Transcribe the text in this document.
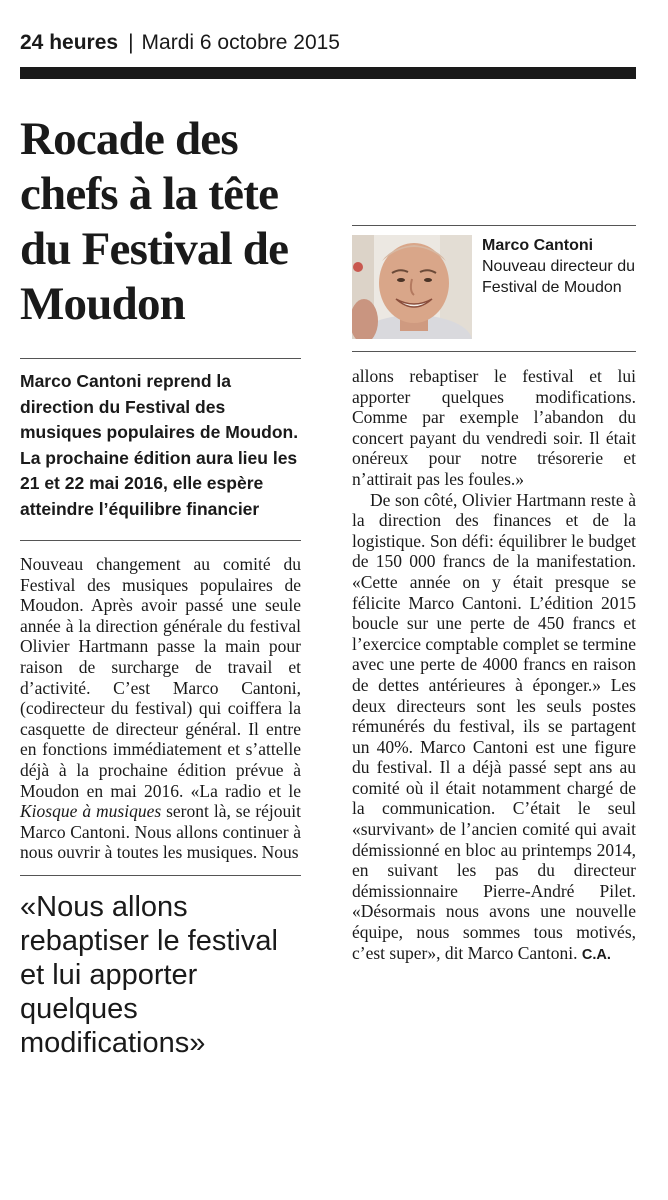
24 heures | Mardi 6 octobre 2015
Rocade des chefs à la tête du Festival de Moudon

Marco Cantoni reprend la direction du Festival des musiques populaires de Moudon. La prochaine édition aura lieu les 21 et 22 mai 2016, elle espère atteindre l’équilibre financier

Nouveau changement au comité du Festival des musiques populaires de Moudon. Après avoir passé une seule année à la direction générale du festival Olivier Hartmann passe la main pour raison de surcharge de travail et d’activité. C’est Marco Cantoni, (codirecteur du festival) qui coiffera la casquette de directeur général. Il entre en fonctions immédiatement et s’attelle déjà à la prochaine édition prévue à Moudon en mai 2016. «La radio et le Kiosque à musiques seront là, se réjouit Marco Cantoni. Nous allons continuer à nous ouvrir à toutes les musiques. Nous

«Nous allons rebaptiser le festival et lui apporter quelques modifications»

Marco Cantoni
Nouveau directeur du Festival de Moudon

allons rebaptiser le festival et lui apporter quelques modifications. Comme par exemple l’abandon du concert payant du vendredi soir. Il était onéreux pour notre trésorerie et n’attirait pas les foules.»

De son côté, Olivier Hartmann reste à la direction des finances et de la logistique. Son défi: équilibrer le budget de 150 000 francs de la manifestation. «Cette année on y était presque se félicite Marco Cantoni. L’édition 2015 boucle sur une perte de 450 francs et l’exercice comptable complet se termine avec une perte de 4000 francs en raison de dettes antérieures à éponger.» Les deux directeurs sont les seuls postes rémunérés du festival, ils se partagent un 40%. Marco Cantoni est une figure du festival. Il a déjà passé sept ans au comité où il était notamment chargé de la communication. C’était le seul «survivant» de l’ancien comité qui avait démissionné en bloc au printemps 2014, en suivant les pas du directeur démissionnaire Pierre-André Pilet. «Désormais nous avons une nouvelle équipe, nous sommes tous motivés, c’est super», dit Marco Cantoni. C.A.
